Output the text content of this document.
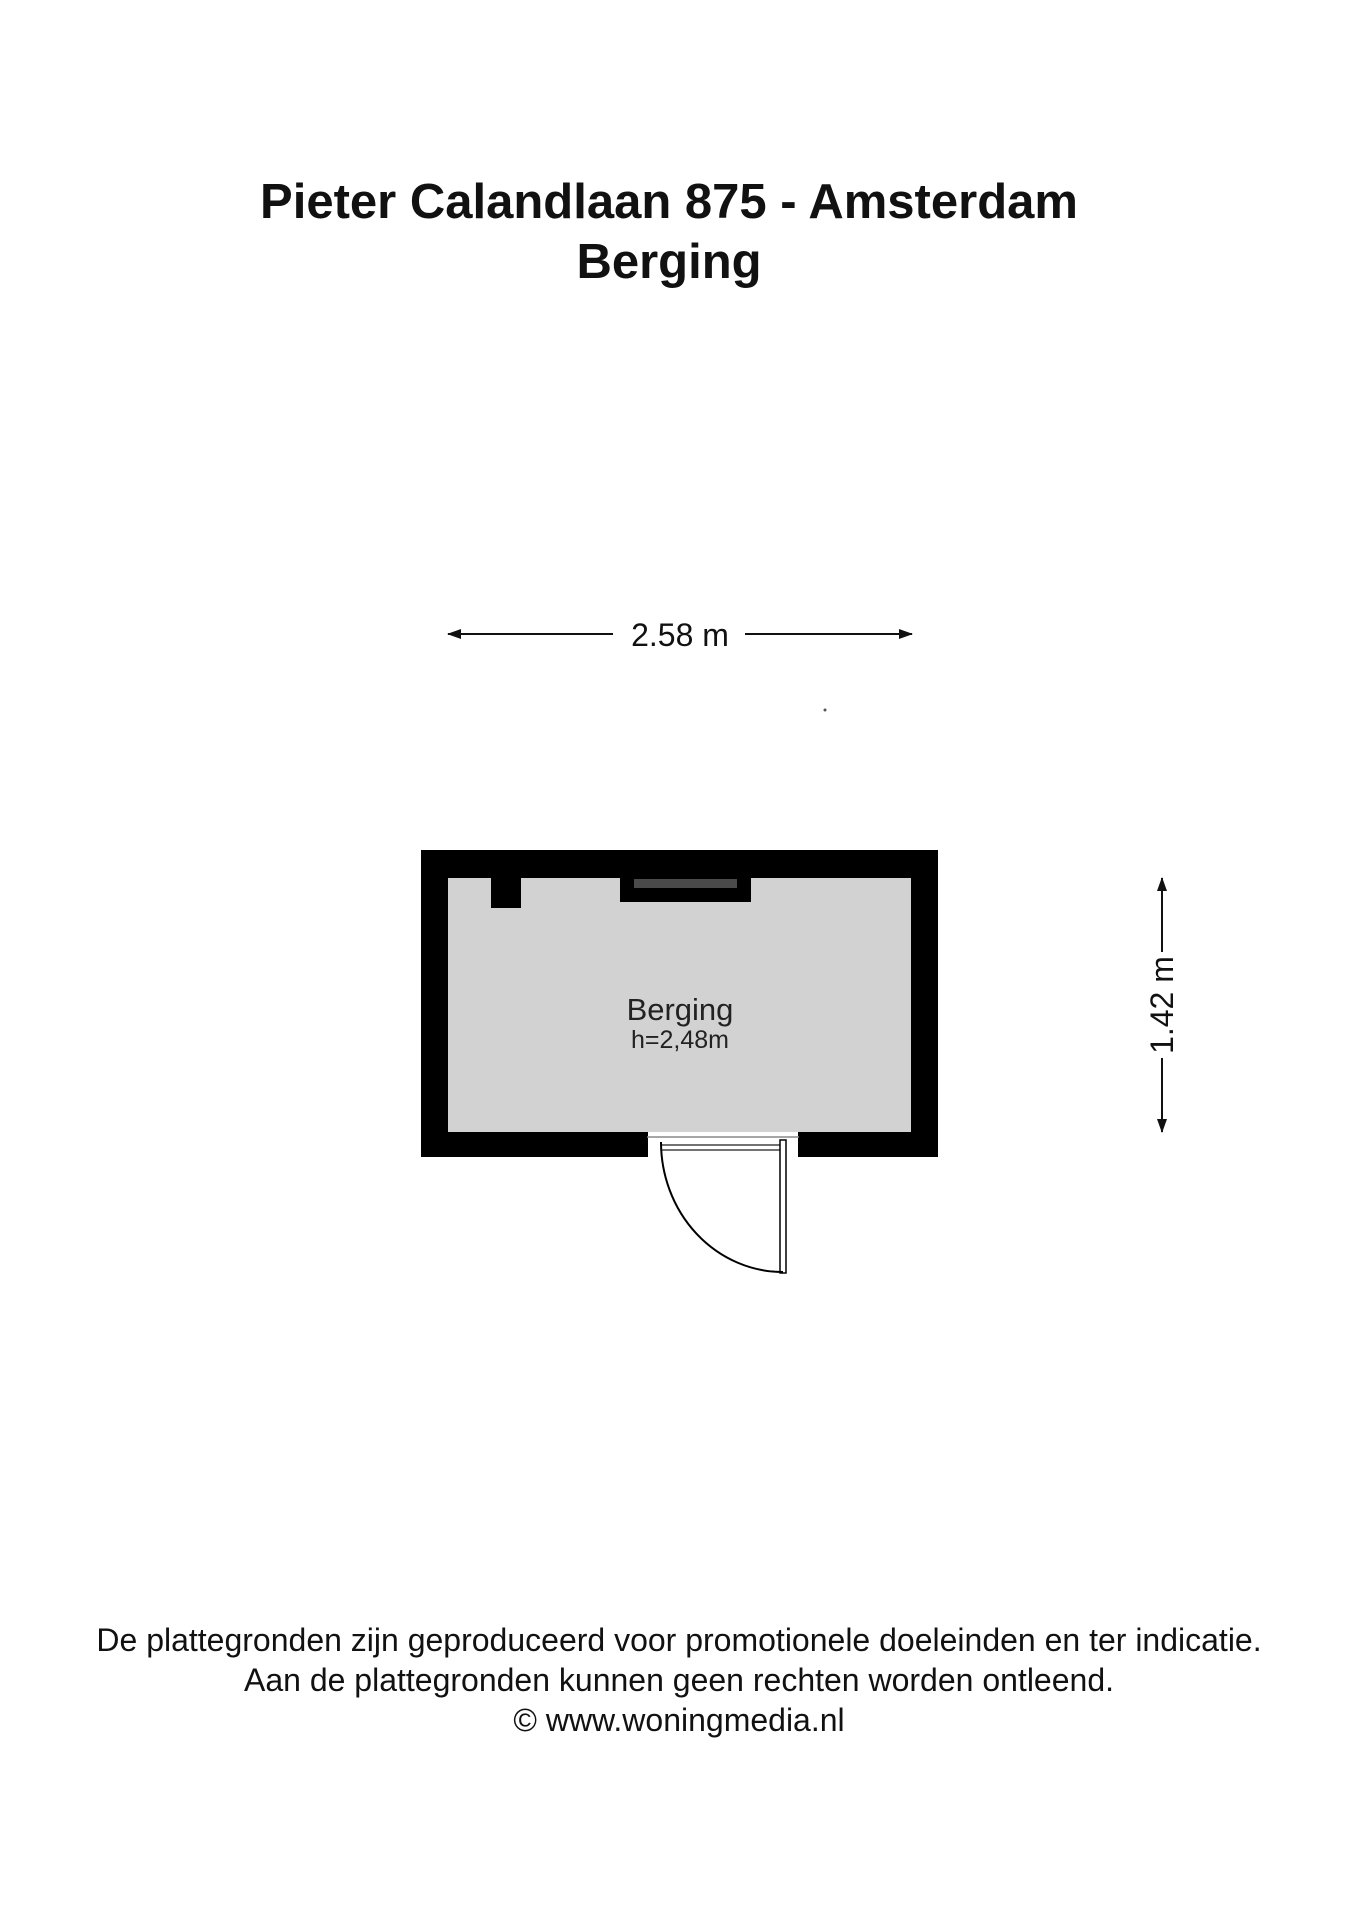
Pieter Calandlaan 875 - Amsterdam
Berging
2.58 m
Berging
h=2,48m	1.42 m
De plattegronden zijn geproduceerd voor promotionele doeleinden en ter indicatie.
Aan de plattegronden kunnen geen rechten worden ontleend.
© www.woningmedia.nl
